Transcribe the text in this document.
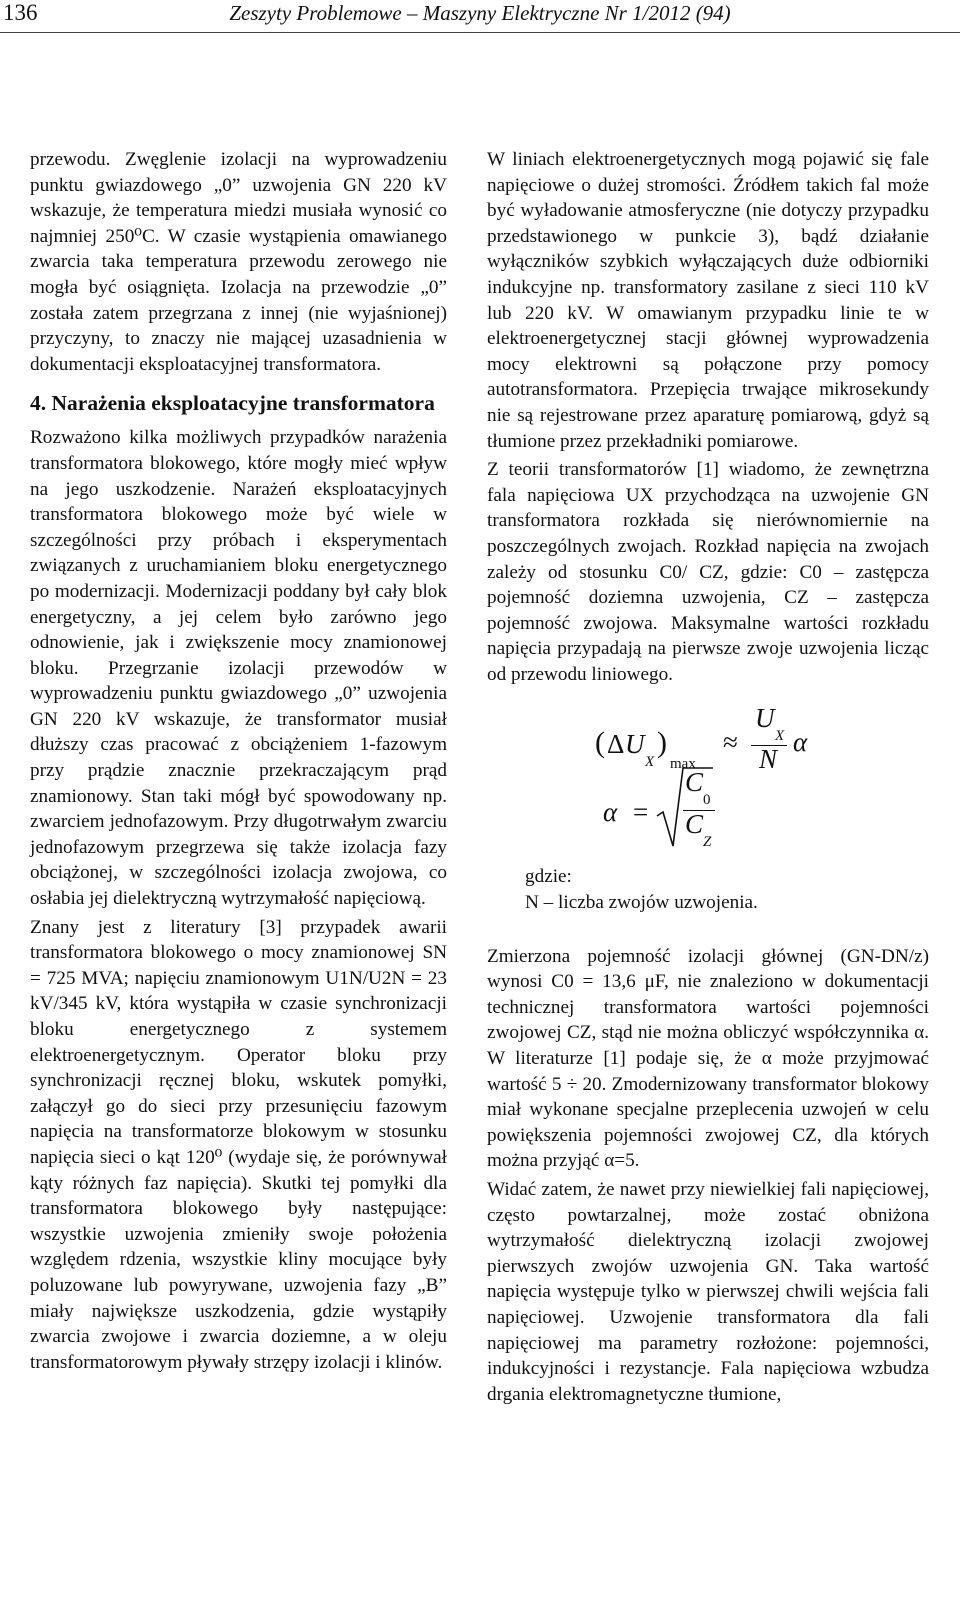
136	Zeszyty Problemowe – Maszyny Elektryczne Nr 1/2012 (94)

przewodu. Zwęglenie izolacji na wyprowadzeniu punktu gwiazdowego „0” uzwojenia GN 220 kV wskazuje, że temperatura miedzi musiała wynosić co najmniej 250⁰C. W czasie wystąpienia omawianego zwarcia taka temperatura przewodu zerowego nie mogła być osiągnięta. Izolacja na przewodzie „0” została zatem przegrzana z innej (nie wyjaśnionej) przyczyny, to znaczy nie mającej uzasadnienia w dokumentacji eksploatacyjnej transformatora.

4. Narażenia eksploatacyjne transformatora

Rozważono kilka możliwych przypadków narażenia transformatora blokowego, które mogły mieć wpływ na jego uszkodzenie. Narażeń eksploatacyjnych transformatora blokowego może być wiele w szczególności przy próbach i eksperymentach związanych z uruchamianiem bloku energetycznego po modernizacji. Modernizacji poddany był cały blok energetyczny, a jej celem było zarówno jego odnowienie, jak i zwiększenie mocy znamionowej bloku. Przegrzanie izolacji przewodów w wyprowadzeniu punktu gwiazdowego „0” uzwojenia GN 220 kV wskazuje, że transformator musiał dłuższy czas pracować z obciążeniem 1-fazowym przy prądzie znacznie przekraczającym prąd znamionowy. Stan taki mógł być spowodowany np. zwarciem jednofazowym. Przy długotrwałym zwarciu jednofazowym przegrzewa się także izolacja fazy obciążonej, w szczególności izolacja zwojowa, co osłabia jej dielektryczną wytrzymałość napięciową.

Znany jest z literatury [3] przypadek awarii transformatora blokowego o mocy znamionowej SN = 725 MVA; napięciu znamionowym U1N/U2N = 23 kV/345 kV, która wystąpiła w czasie synchronizacji bloku energetycznego z systemem elektroenergetycznym. Operator bloku przy synchronizacji ręcznej bloku, wskutek pomyłki, załączył go do sieci przy przesunięciu fazowym napięcia na transformatorze blokowym w stosunku napięcia sieci o kąt 120⁰ (wydaje się, że porównywał kąty różnych faz napięcia). Skutki tej pomyłki dla transformatora blokowego były następujące: wszystkie uzwojenia zmieniły swoje położenia względem rdzenia, wszystkie kliny mocujące były poluzowane lub powyrywane, uzwojenia fazy „B” miały największe uszkodzenia, gdzie wystąpiły zwarcia zwojowe i zwarcia doziemne, a w oleju transformatorowym pływały strzępy izolacji i klinów.

W liniach elektroenergetycznych mogą pojawić się fale napięciowe o dużej stromości. Źródłem takich fal może być wyładowanie atmosferyczne (nie dotyczy przypadku przedstawionego w punkcie 3), bądź działanie wyłączników szybkich wyłączających duże odbiorniki indukcyjne np. transformatory zasilane z sieci 110 kV lub 220 kV. W omawianym przypadku linie te w elektroenergetycznej stacji głównej wyprowadzenia mocy elektrowni są połączone przy pomocy autotransformatora. Przepięcia trwające mikrosekundy nie są rejestrowane przez aparaturę pomiarową, gdyż są tłumione przez przekładniki pomiarowe.

Z teorii transformatorów [1] wiadomo, że zewnętrzna fala napięciowa UX przychodząca na uzwojenie GN transformatora rozkłada się nierównomiernie na poszczególnych zwojach. Rozkład napięcia na zwojach zależy od stosunku C0/ CZ, gdzie: C0 – zastępcza pojemność doziemna uzwojenia, CZ – zastępcza pojemność zwojowa. Maksymalne wartości rozkładu napięcia przypadają na pierwsze zwoje uzwojenia licząc od przewodu liniowego.

( Δ U
X
)
max
≈
U
X
N
α
α =
C
0
C
Z

gdzie:

N – liczba zwojów uzwojenia.

Zmierzona pojemność izolacji głównej (GN-DN/z) wynosi C0 = 13,6 μF, nie znaleziono w dokumentacji technicznej transformatora wartości pojemności zwojowej CZ, stąd nie można obliczyć współczynnika α. W literaturze [1] podaje się, że α może przyjmować wartość 5 ÷ 20. Zmodernizowany transformator blokowy miał wykonane specjalne przeplecenia uzwojeń w celu powiększenia pojemności zwojowej CZ, dla których można przyjąć α=5.

Widać zatem, że nawet przy niewielkiej fali napięciowej, często powtarzalnej, może zostać obniżona wytrzymałość dielektryczną izolacji zwojowej pierwszych zwojów uzwojenia GN. Taka wartość napięcia występuje tylko w pierwszej chwili wejścia fali napięciowej. Uzwojenie transformatora dla fali napięciowej ma parametry rozłożone: pojemności, indukcyjności i rezystancje. Fala napięciowa wzbudza drgania elektromagnetyczne tłumione,
